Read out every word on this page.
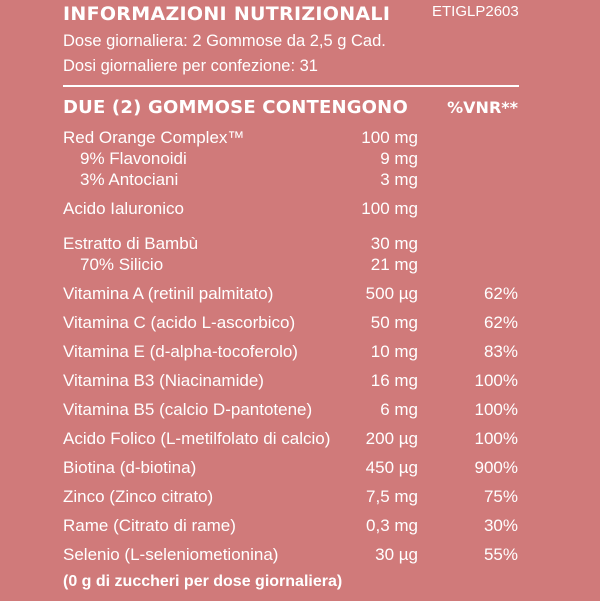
INFORMAZIONI NUTRIZIONALI	ETIGLP2603
Dose giornaliera: 2 Gommose da 2,5 g Cad.
Dosi giornaliere per confezione: 31
DUE (2) GOMMOSE CONTENGONO %VNR**
Red Orange Complex™	100 mg
9% Flavonoidi	9 mg
3% Antociani	3 mg
Acido Ialuronico	100 mg
Estratto di Bambù	30 mg
70% Silicio	21 mg
Vitamina A (retinil palmitato)	500 µg	62%
Vitamina C (acido L-ascorbico)	50 mg	62%
Vitamina E (d-alpha-tocoferolo)	10 mg	83%
Vitamina B3 (Niacinamide)	16 mg	100%
Vitamina B5 (calcio D-pantotene)	6 mg	100%
Acido Folico (L-metilfolato di calcio) 200 µg	100%
Biotina (d-biotina)	450 µg	900%
Zinco (Zinco citrato)	7,5 mg	75%
Rame (Citrato di rame)	0,3 mg	30%
Selenio (L-seleniometionina)	30 µg	55%
(0 g di zuccheri per dose giornaliera)
